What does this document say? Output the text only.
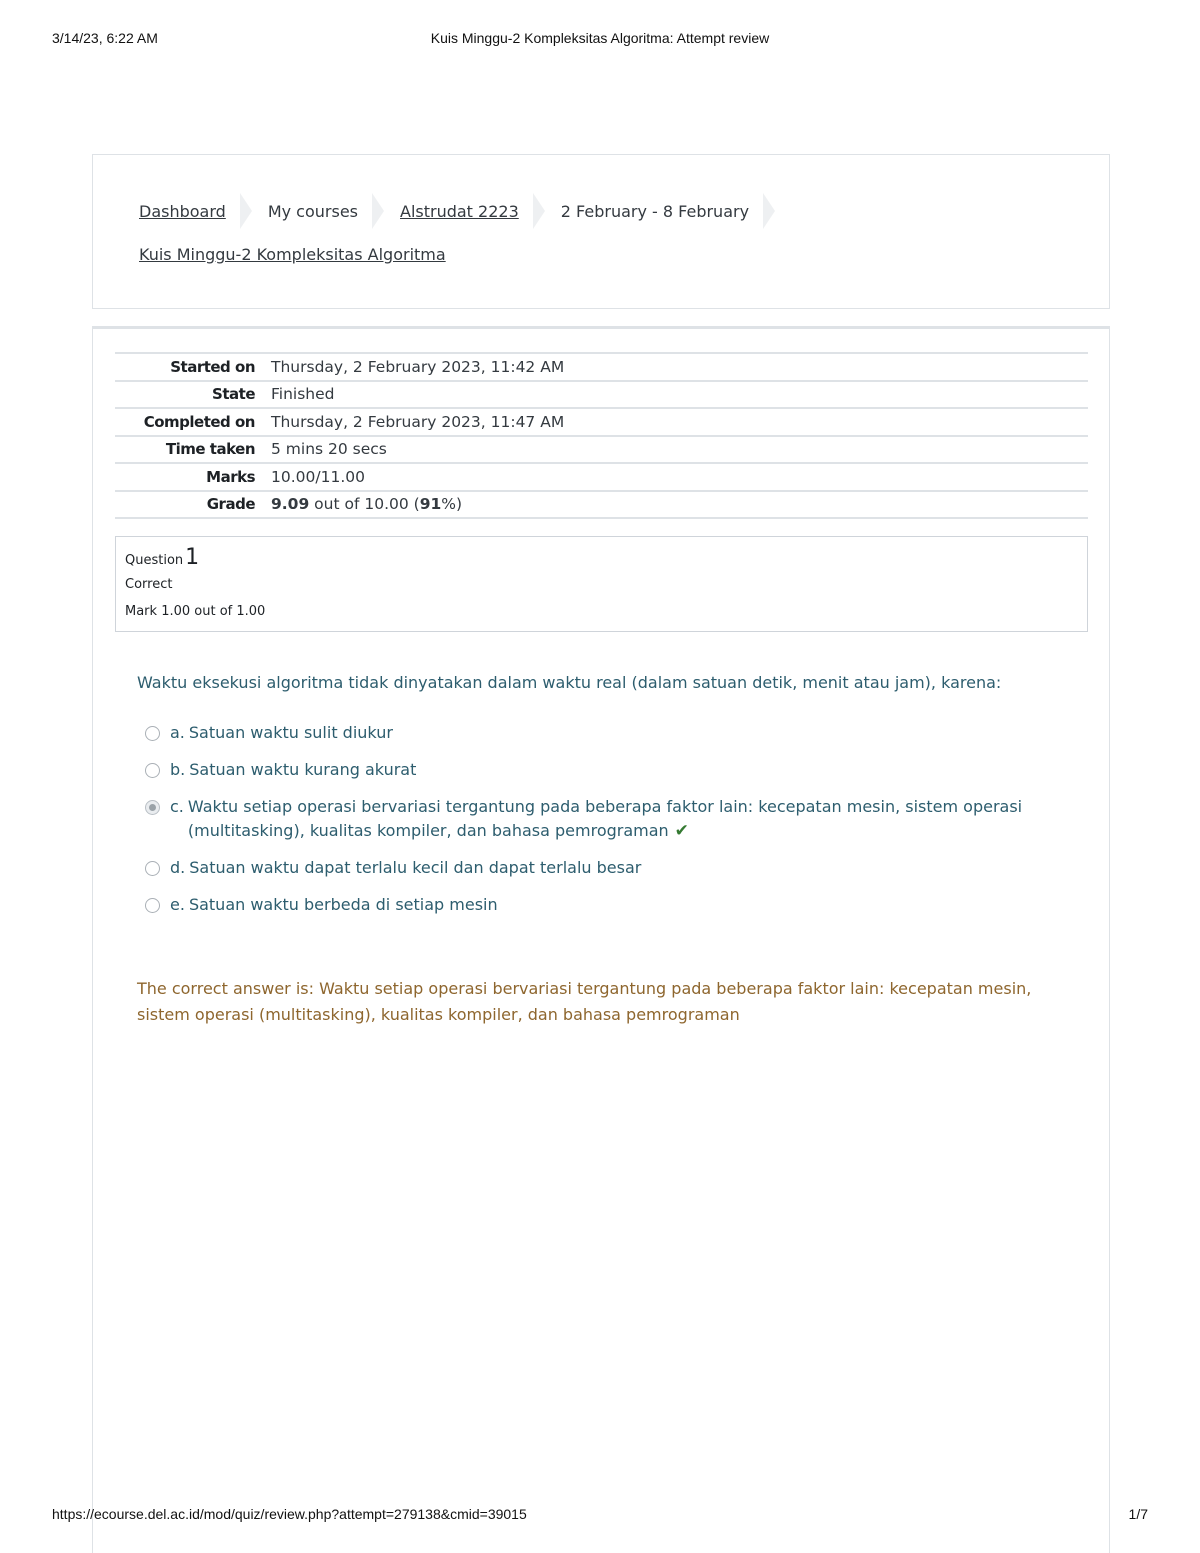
3/14/23, 6:22 AM	Kuis Minggu-2 Kompleksitas Algoritma: Attempt review
Dashboard	My courses	Alstrudat 2223	2 February - 8 February
Kuis Minggu-2 Kompleksitas Algoritma
Started on	Thursday, 2 February 2023, 11:42 AM
State	Finished
Completed on	Thursday, 2 February 2023, 11:47 AM
Time taken	5 mins 20 secs
Marks	10.00/11.00
Grade	9.09 out of 10.00 (91%)
Question 1
Correct
Mark 1.00 out of 1.00
Waktu eksekusi algoritma tidak dinyatakan dalam waktu real (dalam satuan detik, menit atau jam), karena:
a. Satuan waktu sulit diukur
b. Satuan waktu kurang akurat
c. Waktu setiap operasi bervariasi tergantung pada beberapa faktor lain: kecepatan mesin, sistem operasi (multitasking), kualitas kompiler, dan bahasa pemrograman ✔
d. Satuan waktu dapat terlalu kecil dan dapat terlalu besar
e. Satuan waktu berbeda di setiap mesin
The correct answer is: Waktu setiap operasi bervariasi tergantung pada beberapa faktor lain: kecepatan mesin, sistem operasi (multitasking), kualitas kompiler, dan bahasa pemrograman
https://ecourse.del.ac.id/mod/quiz/review.php?attempt=279138&cmid=39015	1/7
